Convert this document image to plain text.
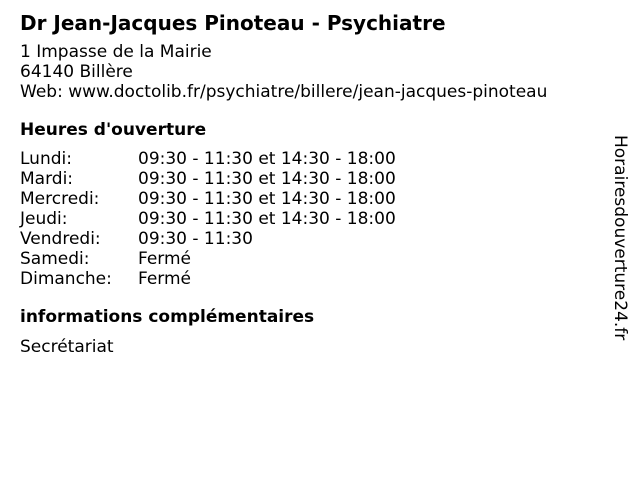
Dr Jean-Jacques Pinoteau - Psychiatre
1 Impasse de la Mairie
64140 Billère
Web: www.doctolib.fr/psychiatre/billere/jean-jacques-pinoteau
Heures d'ouverture
Lundi:	09:30 - 11:30 et 14:30 - 18:00
Mardi:	09:30 - 11:30 et 14:30 - 18:00
Mercredi:	09:30 - 11:30 et 14:30 - 18:00
Jeudi:	09:30 - 11:30 et 14:30 - 18:00
Vendredi:	09:30 - 11:30
Samedi:	Fermé
Dimanche:	Fermé
informations complémentaires
Secrétariat
Horairesdouverture24.fr
